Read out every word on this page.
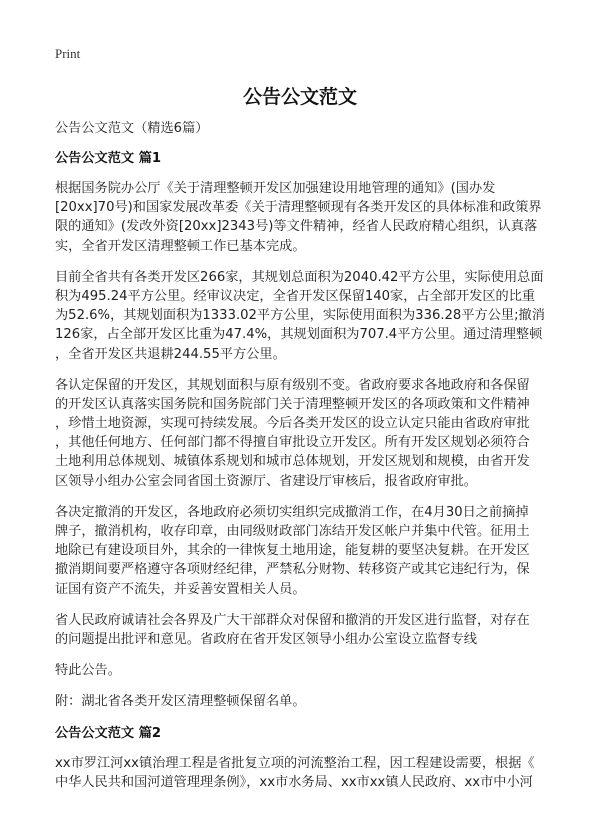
Print
公告公文范文
公告公文范文（精选6篇）
公告公文范文 篇1
根据国务院办公厅《关于清理整顿开发区加强建设用地管理的通知》(国办发
[20xx]70号)和国家发展改革委《关于清理整顿现有各类开发区的具体标准和政策界
限的通知》(发改外资[20xx]2343号)等文件精神，经省人民政府精心组织，认真落
实，全省开发区清理整顿工作已基本完成。
目前全省共有各类开发区266家，其规划总面积为2040.42平方公里，实际使用总面
积为495.24平方公里。经审议决定，全省开发区保留140家，占全部开发区的比重
为52.6%，其规划面积为1333.02平方公里，实际使用面积为336.28平方公里;撤消
126家，占全部开发区比重为47.4%，其规划面积为707.4平方公里。通过清理整顿
，全省开发区共退耕244.55平方公里。
各认定保留的开发区，其规划面积与原有级别不变。省政府要求各地政府和各保留
的开发区认真落实国务院和国务院部门关于清理整顿开发区的各项政策和文件精神
，珍惜土地资源，实现可持续发展。今后各类开发区的设立认定只能由省政府审批
，其他任何地方、任何部门都不得擅自审批设立开发区。所有开发区规划必须符合
土地利用总体规划、城镇体系规划和城市总体规划，开发区规划和规模，由省开发
区领导小组办公室会同省国土资源厅、省建设厅审核后，报省政府审批。
各决定撤消的开发区，各地政府必须切实组织完成撤消工作，在4月30日之前摘掉
牌子，撤消机构，收存印章，由同级财政部门冻结开发区帐户并集中代管。征用土
地除已有建设项目外，其余的一律恢复土地用途，能复耕的要坚决复耕。在开发区
撤消期间要严格遵守各项财经纪律，严禁私分财物、转移资产或其它违纪行为，保
证国有资产不流失，并妥善安置相关人员。
省人民政府诚请社会各界及广大干部群众对保留和撤消的开发区进行监督，对存在
的问题提出批评和意见。省政府在省开发区领导小组办公室设立监督专线
特此公告。
附：湖北省各类开发区清理整顿保留名单。
公告公文范文 篇2
xx市罗江河xx镇治理工程是省批复立项的河流整治工程，因工程建设需要，根据《
中华人民共和国河道管理理条例》，xx市水务局、xx市xx镇人民政府、xx市中小河
